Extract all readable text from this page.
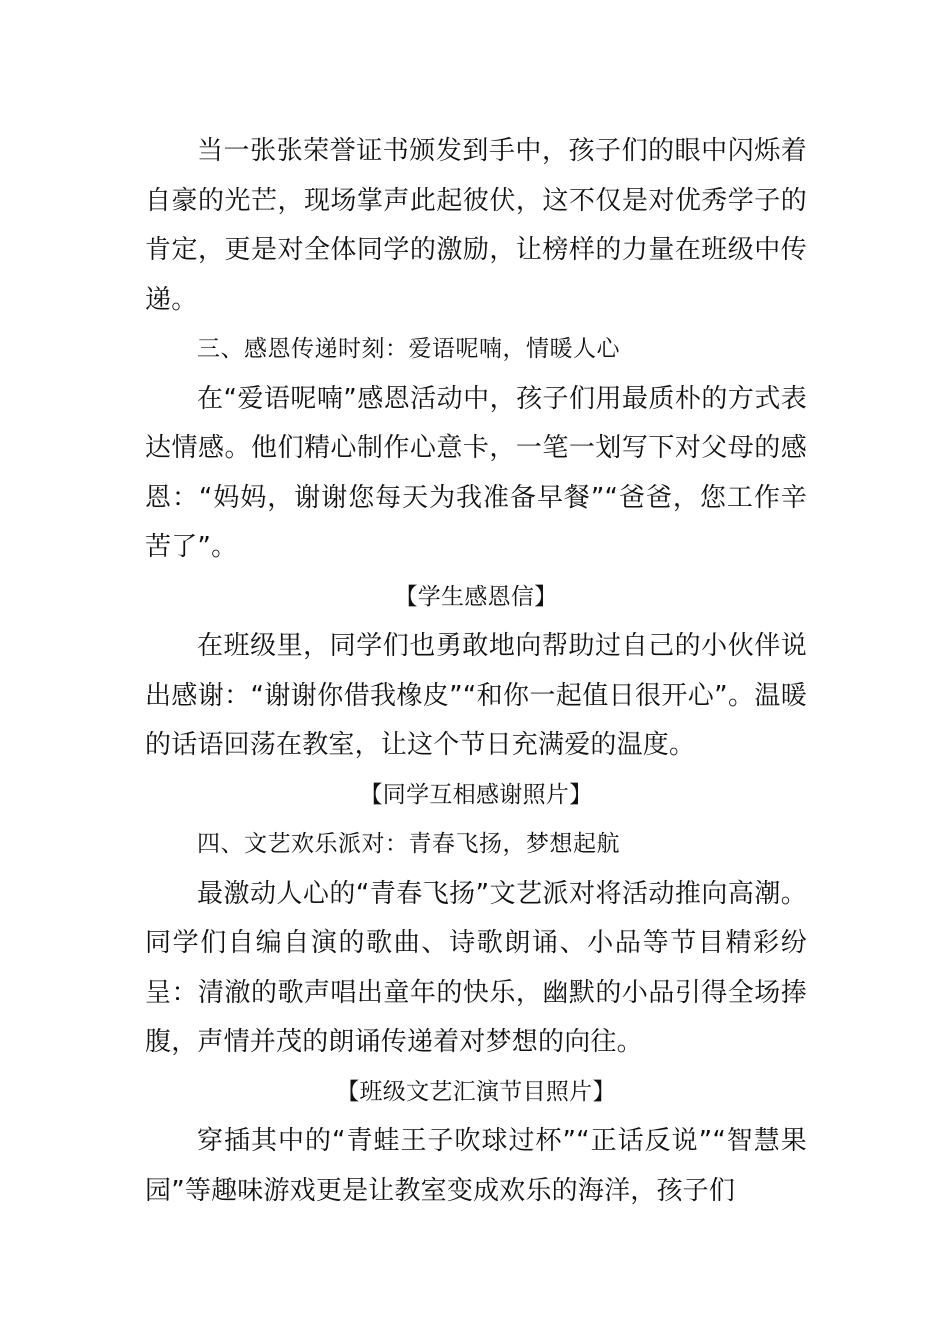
当一张张荣誉证书颁发到手中，孩子们的眼中闪烁着自豪的光芒，现场掌声此起彼伏，这不仅是对优秀学子的肯定，更是对全体同学的激励，让榜样的力量在班级中传递。

三、感恩传递时刻：爱语呢喃，情暖人心

在“爱语呢喃”感恩活动中，孩子们用最质朴的方式表达情感。他们精心制作心意卡，一笔一划写下对父母的感恩：“妈妈，谢谢您每天为我准备早餐”“爸爸，您工作辛苦了”。

【学生感恩信】

在班级里，同学们也勇敢地向帮助过自己的小伙伴说出感谢：“谢谢你借我橡皮”“和你一起值日很开心”。温暖的话语回荡在教室，让这个节日充满爱的温度。

【同学互相感谢照片】

四、文艺欢乐派对：青春飞扬，梦想起航

最激动人心的“青春飞扬”文艺派对将活动推向高潮。同学们自编自演的歌曲、诗歌朗诵、小品等节目精彩纷呈：清澈的歌声唱出童年的快乐，幽默的小品引得全场捧腹，声情并茂的朗诵传递着对梦想的向往。

【班级文艺汇演节目照片】

穿插其中的“青蛙王子吹球过杯”“正话反说”“智慧果园”等趣味游戏更是让教室变成欢乐的海洋，孩子们
